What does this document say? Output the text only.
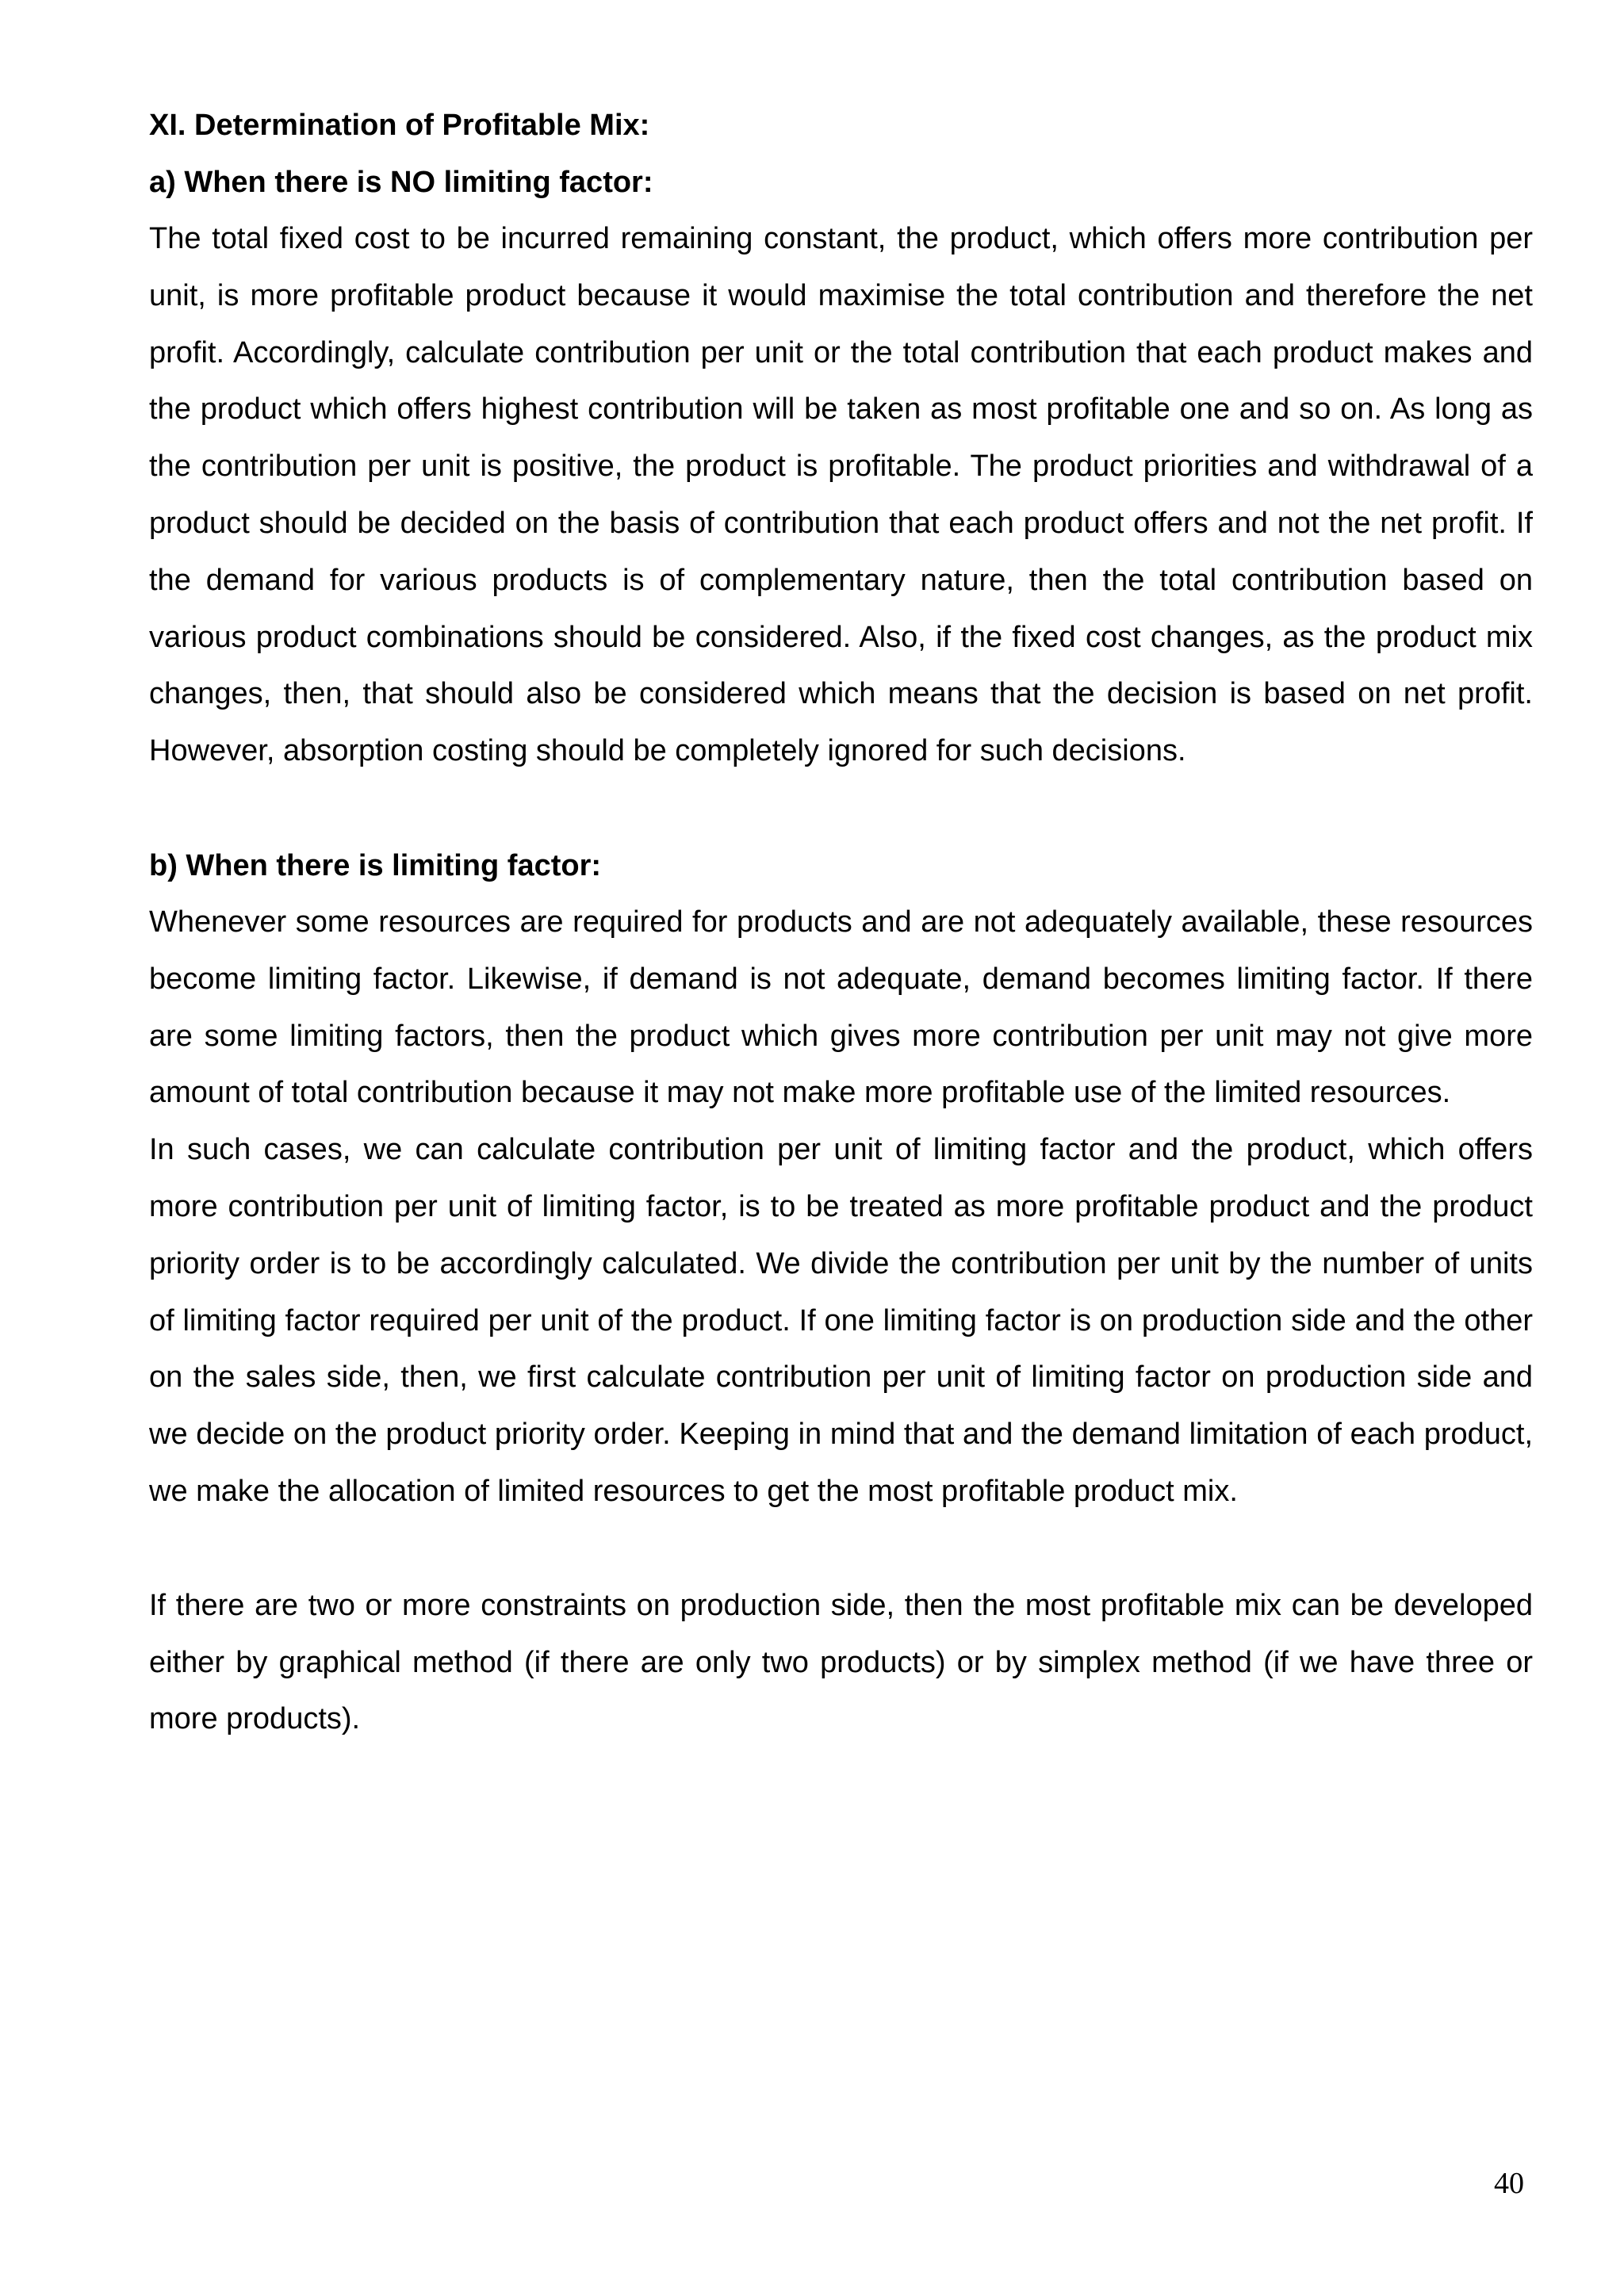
XI. Determination of Profitable Mix:

a) When there is NO limiting factor:

The total fixed cost to be incurred remaining constant, the product, which offers more contribution per unit, is more profitable product because it would maximise the total contribution and therefore the net profit. Accordingly, calculate contribution per unit or the total contribution that each product makes and the product which offers highest contribution will be taken as most profitable one and so on. As long as the contribution per unit is positive, the product is profitable. The product priorities and withdrawal of a product should be decided on the basis of contribution that each product offers and not the net profit. If the demand for various products is of complementary nature, then the total contribution based on various product combinations should be considered. Also, if the fixed cost changes, as the product mix changes, then, that should also be considered which means that the decision is based on net profit. However, absorption costing should be completely ignored for such decisions.

b) When there is limiting factor:

Whenever some resources are required for products and are not adequately available, these resources become limiting factor. Likewise, if demand is not adequate, demand becomes limiting factor. If there are some limiting factors, then the product which gives more contribution per unit may not give more amount of total contribution because it may not make more profitable use of the limited resources.

In such cases, we can calculate contribution per unit of limiting factor and the product, which offers more contribution per unit of limiting factor, is to be treated as more profitable product and the product priority order is to be accordingly calculated. We divide the contribution per unit by the number of units of limiting factor required per unit of the product. If one limiting factor is on production side and the other on the sales side, then, we first calculate contribution per unit of limiting factor on production side and we decide on the product priority order. Keeping in mind that and the demand limitation of each product, we make the allocation of limited resources to get the most profitable product mix.

If there are two or more constraints on production side, then the most profitable mix can be developed either by graphical method (if there are only two products) or by simplex method (if we have three or more products).

40
